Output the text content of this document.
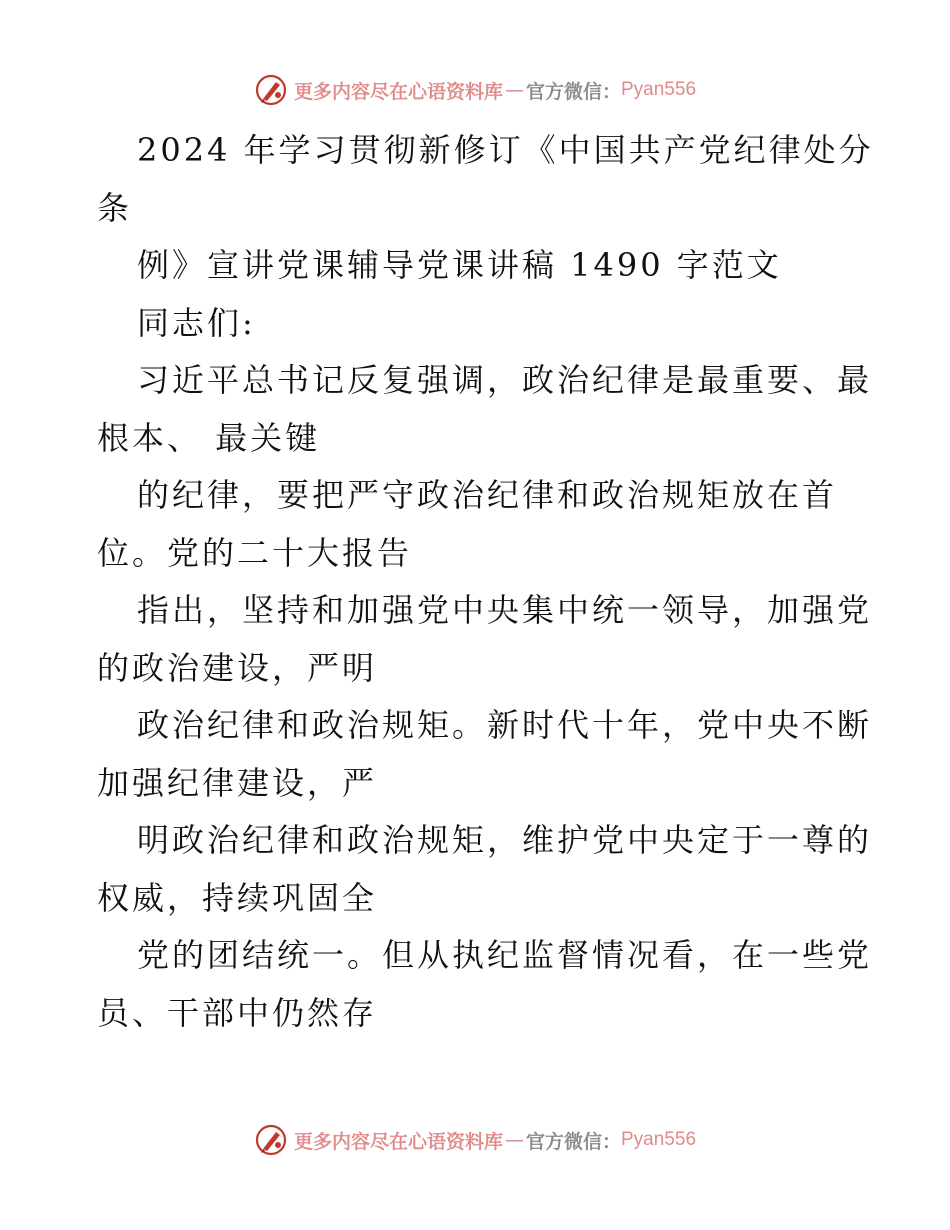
更多内容尽在心语资料库 — 官方微信： Pyan556
2024 年学习贯彻新修订《中国共产党纪律处分
条
例》宣讲党课辅导党课讲稿 1490 字范文
同志们:
习近平总书记反复强调，政治纪律是最重要、最
根本、 最关键
的纪律，要把严守政治纪律和政治规矩放在首
位。党的二十大报告
指出，坚持和加强党中央集中统一领导，加强党
的政治建设，严明
政治纪律和政治规矩。新时代十年，党中央不断
加强纪律建设，严
明政治纪律和政治规矩，维护党中央定于一尊的
权威，持续巩固全
党的团结统一。但从执纪监督情况看，在一些党
员、干部中仍然存
更多内容尽在心语资料库 — 官方微信： Pyan556
